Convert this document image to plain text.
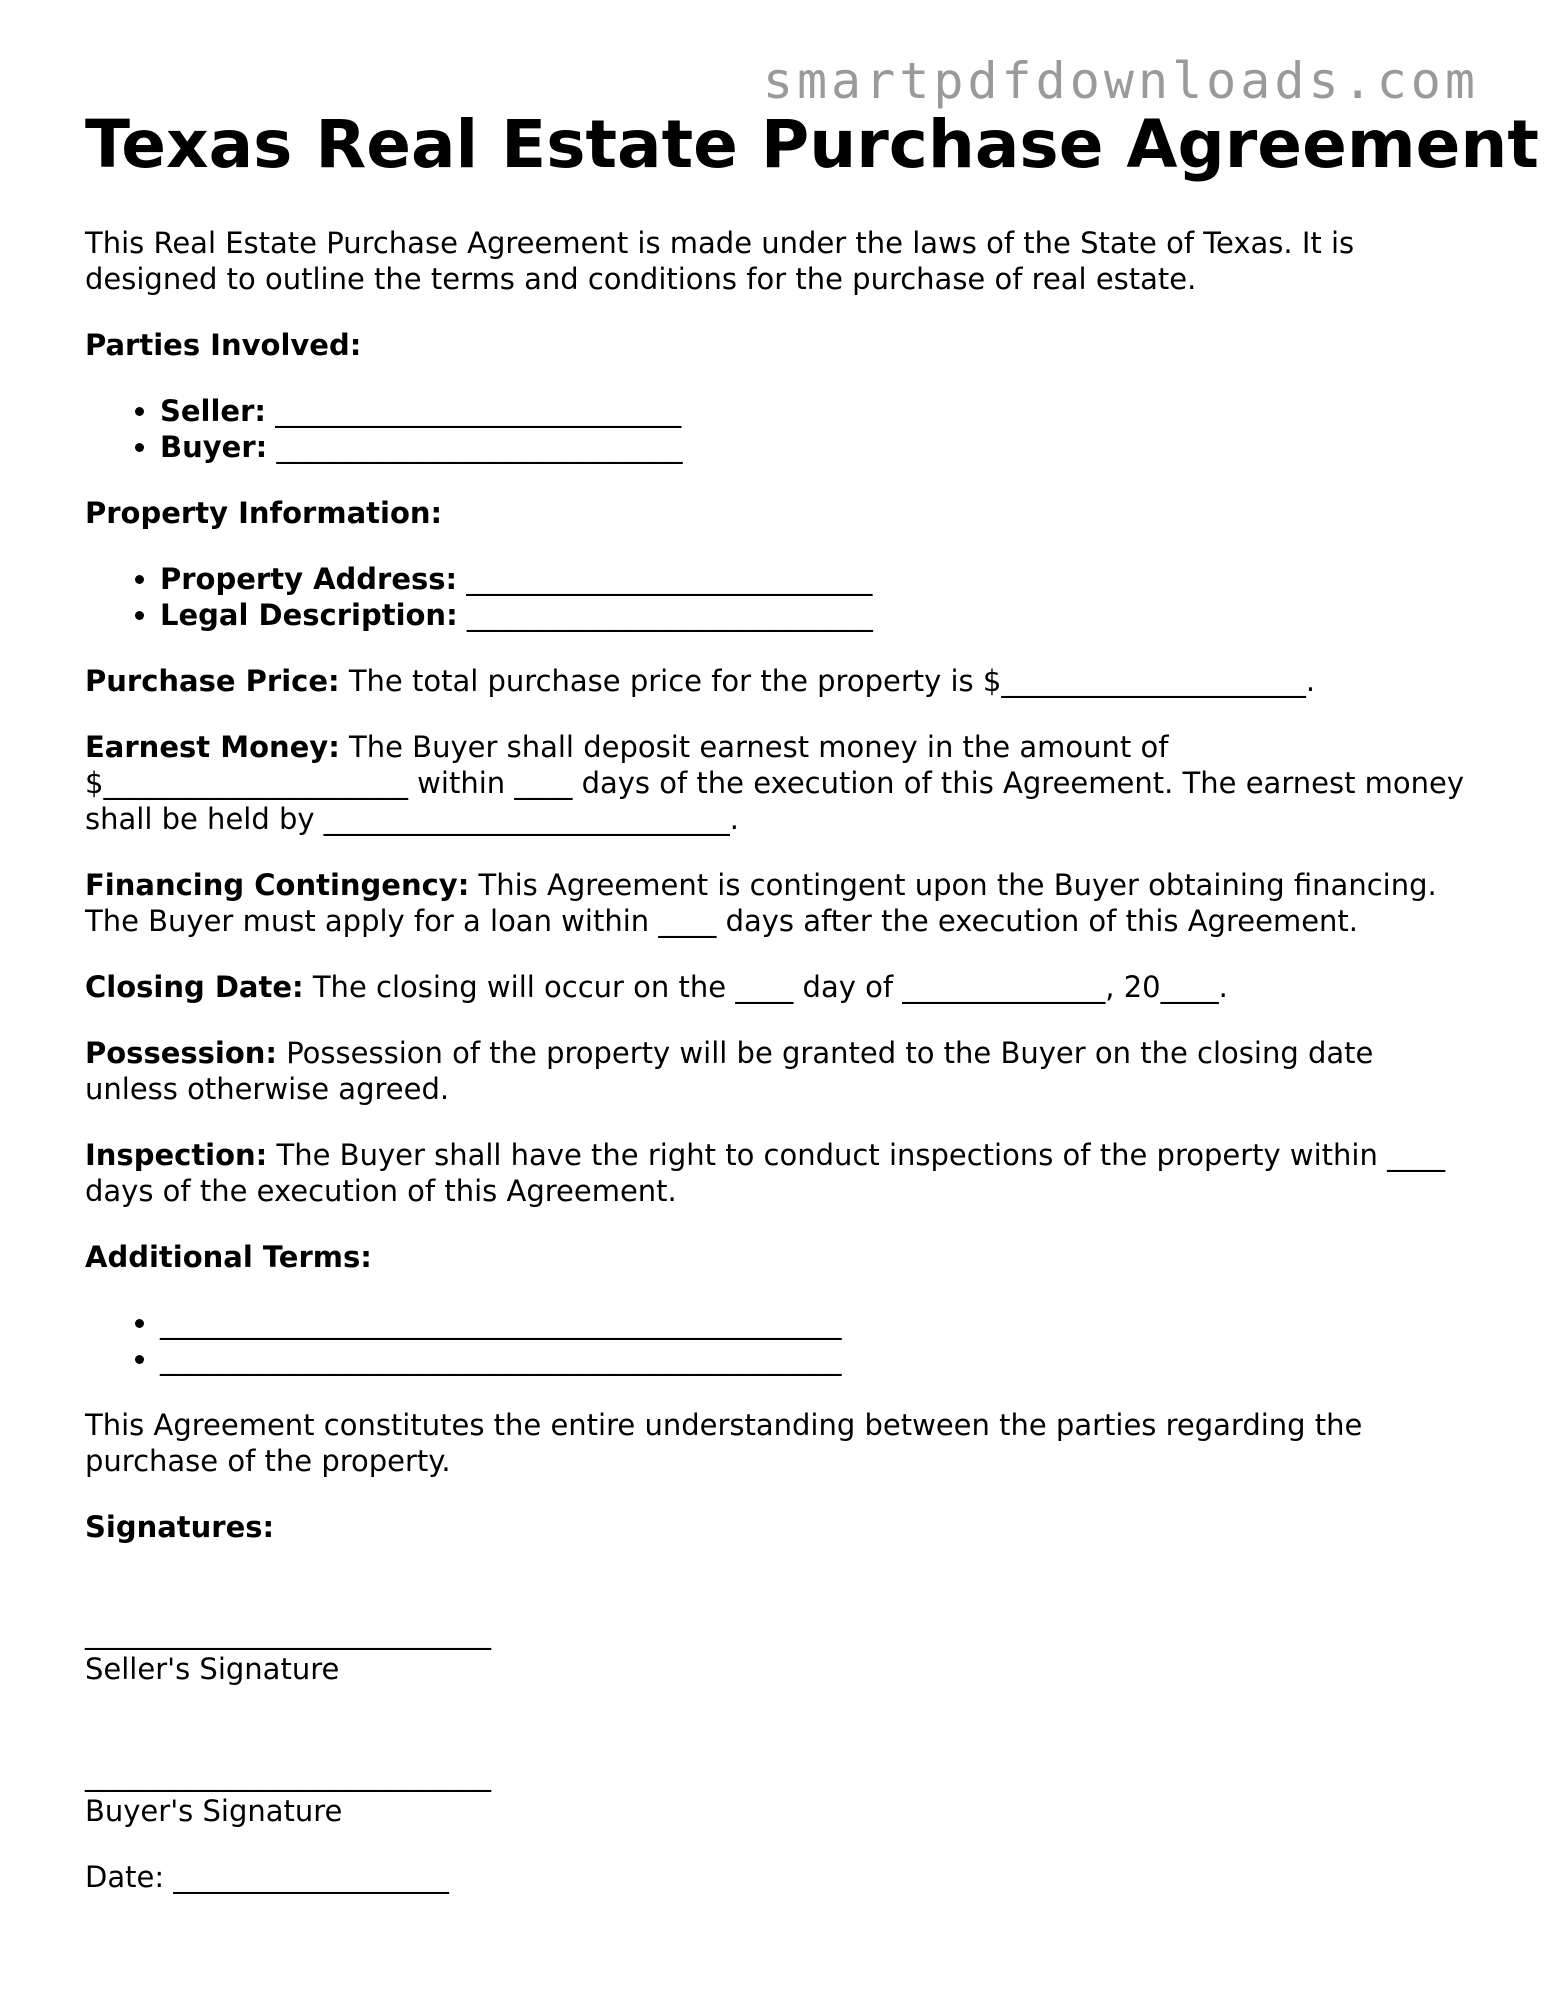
smartpdfdownloads.com
Texas Real Estate Purchase Agreement

This Real Estate Purchase Agreement is made under the laws of the State of Texas. It is designed to outline the terms and conditions for the purchase of real estate.

Parties Involved:

• Seller: ____________________________
• Buyer: ____________________________

Property Information:

• Property Address: ____________________________
• Legal Description: ____________________________

Purchase Price: The total purchase price for the property is $_____________________.

Earnest Money: The Buyer shall deposit earnest money in the amount of $_____________________ within ____ days of the execution of this Agreement. The earnest money shall be held by ____________________________.

Financing Contingency: This Agreement is contingent upon the Buyer obtaining financing. The Buyer must apply for a loan within ____ days after the execution of this Agreement.

Closing Date: The closing will occur on the ____ day of ______________, 20____.

Possession: Possession of the property will be granted to the Buyer on the closing date unless otherwise agreed.

Inspection: The Buyer shall have the right to conduct inspections of the property within ____ days of the execution of this Agreement.

Additional Terms:

• _______________________________________________
• _______________________________________________

This Agreement constitutes the entire understanding between the parties regarding the purchase of the property.

Signatures:

____________________________
Seller's Signature
____________________________
Buyer's Signature

Date: ___________________
